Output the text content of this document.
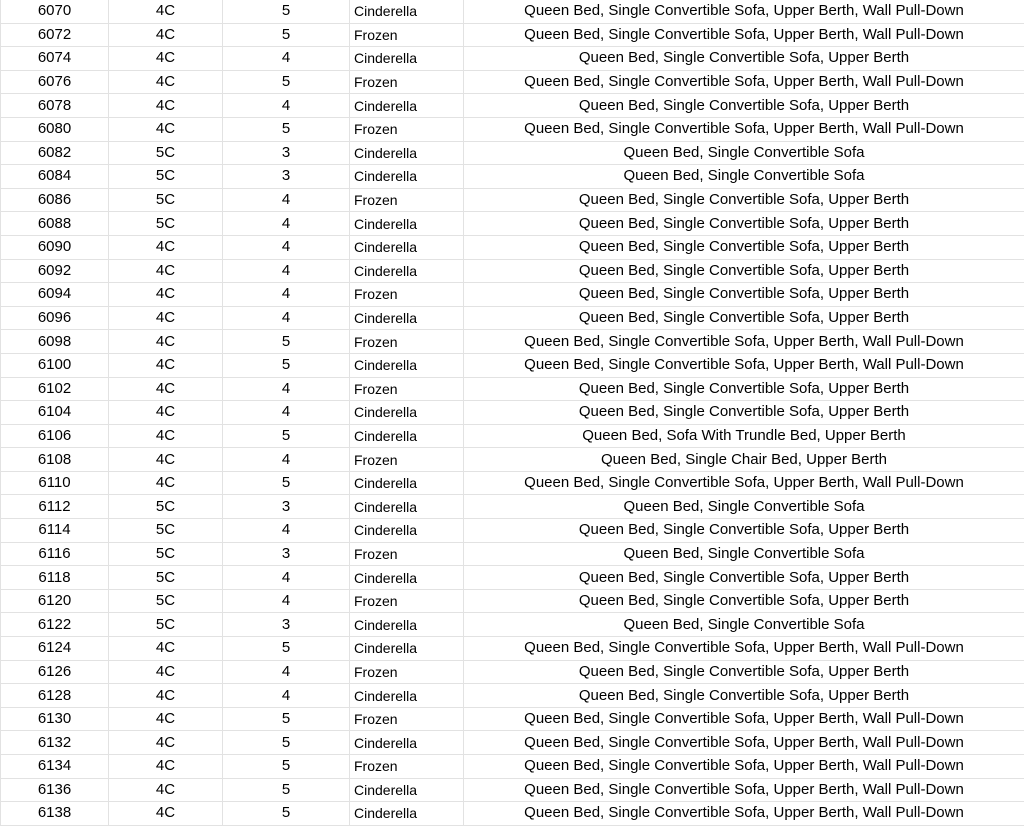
6070	4C	5	Cinderella	Queen Bed, Single Convertible Sofa, Upper Berth, Wall Pull-Down
6072	4C	5	Frozen	Queen Bed, Single Convertible Sofa, Upper Berth, Wall Pull-Down
6074	4C	4	Cinderella	Queen Bed, Single Convertible Sofa, Upper Berth
6076	4C	5	Frozen	Queen Bed, Single Convertible Sofa, Upper Berth, Wall Pull-Down
6078	4C	4	Cinderella	Queen Bed, Single Convertible Sofa, Upper Berth
6080	4C	5	Frozen	Queen Bed, Single Convertible Sofa, Upper Berth, Wall Pull-Down
6082	5C	3	Cinderella	Queen Bed, Single Convertible Sofa
6084	5C	3	Cinderella	Queen Bed, Single Convertible Sofa
6086	5C	4	Frozen	Queen Bed, Single Convertible Sofa, Upper Berth
6088	5C	4	Cinderella	Queen Bed, Single Convertible Sofa, Upper Berth
6090	4C	4	Cinderella	Queen Bed, Single Convertible Sofa, Upper Berth
6092	4C	4	Cinderella	Queen Bed, Single Convertible Sofa, Upper Berth
6094	4C	4	Frozen	Queen Bed, Single Convertible Sofa, Upper Berth
6096	4C	4	Cinderella	Queen Bed, Single Convertible Sofa, Upper Berth
6098	4C	5	Frozen	Queen Bed, Single Convertible Sofa, Upper Berth, Wall Pull-Down
6100	4C	5	Cinderella	Queen Bed, Single Convertible Sofa, Upper Berth, Wall Pull-Down
6102	4C	4	Frozen	Queen Bed, Single Convertible Sofa, Upper Berth
6104	4C	4	Cinderella	Queen Bed, Single Convertible Sofa, Upper Berth
6106	4C	5	Cinderella	Queen Bed, Sofa With Trundle Bed, Upper Berth
6108	4C	4	Frozen	Queen Bed, Single Chair Bed, Upper Berth
6110	4C	5	Cinderella	Queen Bed, Single Convertible Sofa, Upper Berth, Wall Pull-Down
6112	5C	3	Cinderella	Queen Bed, Single Convertible Sofa
6114	5C	4	Cinderella	Queen Bed, Single Convertible Sofa, Upper Berth
6116	5C	3	Frozen	Queen Bed, Single Convertible Sofa
6118	5C	4	Cinderella	Queen Bed, Single Convertible Sofa, Upper Berth
6120	5C	4	Frozen	Queen Bed, Single Convertible Sofa, Upper Berth
6122	5C	3	Cinderella	Queen Bed, Single Convertible Sofa
6124	4C	5	Cinderella	Queen Bed, Single Convertible Sofa, Upper Berth, Wall Pull-Down
6126	4C	4	Frozen	Queen Bed, Single Convertible Sofa, Upper Berth
6128	4C	4	Cinderella	Queen Bed, Single Convertible Sofa, Upper Berth
6130	4C	5	Frozen	Queen Bed, Single Convertible Sofa, Upper Berth, Wall Pull-Down
6132	4C	5	Cinderella	Queen Bed, Single Convertible Sofa, Upper Berth, Wall Pull-Down
6134	4C	5	Frozen	Queen Bed, Single Convertible Sofa, Upper Berth, Wall Pull-Down
6136	4C	5	Cinderella	Queen Bed, Single Convertible Sofa, Upper Berth, Wall Pull-Down
6138	4C	5	Cinderella	Queen Bed, Single Convertible Sofa, Upper Berth, Wall Pull-Down
